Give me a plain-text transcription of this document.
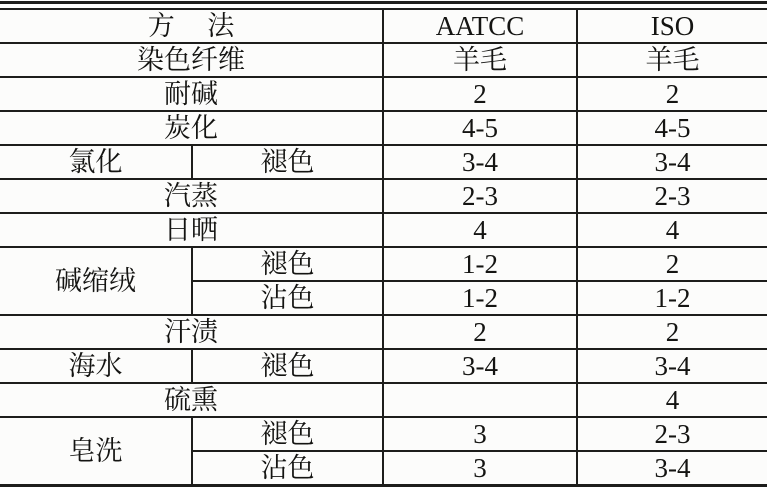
方 法		AATCC	ISO
染色纤维		羊毛	羊毛
耐碱		2	2
炭化		4-5	4-5
氯化	褪色	3-4	3-4
汽蒸		2-3	2-3
日晒		4	4
碱缩绒	褪色	1-2	2
	沾色	1-2	1-2
汗渍		2	2
海水	褪色	3-4	3-4
硫熏			4
皂洗	褪色	3	2-3
	沾色	3	3-4
